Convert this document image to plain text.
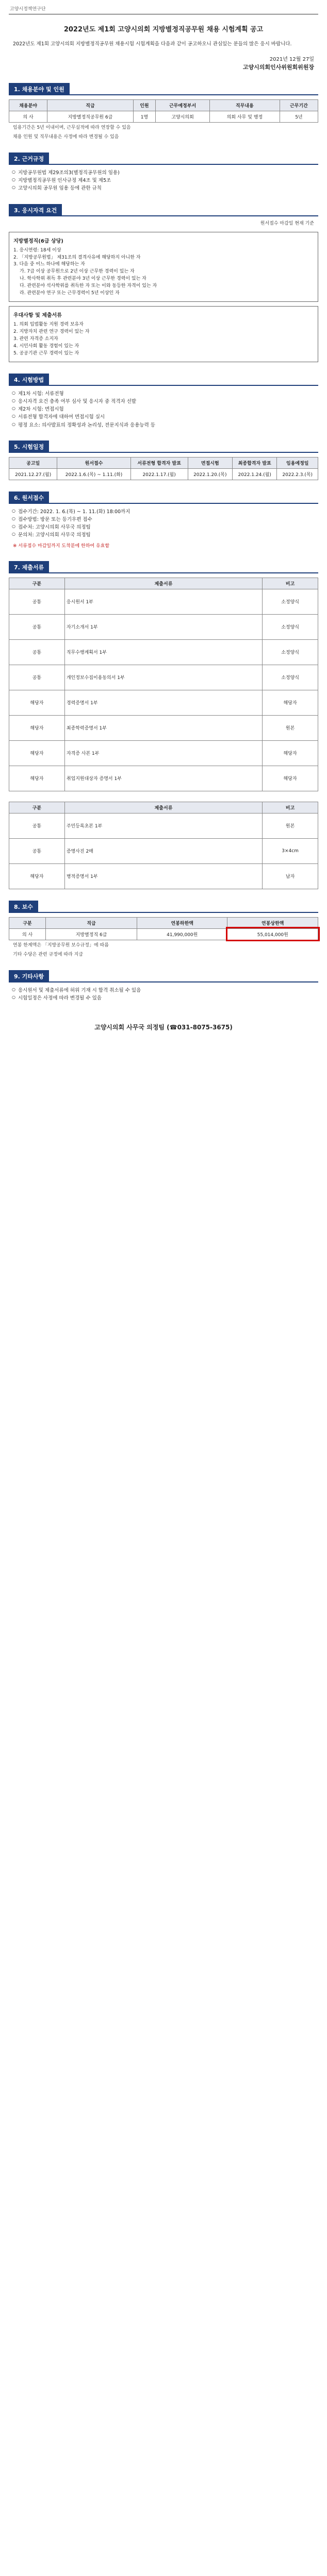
고양시정책연구단
2022년도 제1회 고양시의회 지방별정직공무원 채용 시험계획 공고

2022년도 제1회 고양시의회 지방별정직공무원 채용시험 시험계획을 다음과 같이 공고하오니 관심있는 분들의 많은 응시 바랍니다.

2021년 12월 27일
고양시의회인사위원회위원장
1. 채용분야 및 인원
채용분야	직급	인원	근무예정부서	직무내용	근무기간
의 사	지방별정직공무원 6급	1명	고양시의회	의회 사무 및 행정	5년
임용기간은 5년 이내이며, 근무실적에 따라 연장할 수 있음
채용 인원 및 직무내용은 사정에 따라 변경될 수 있음
2. 근거규정
○ 지방공무원법 제29조의3(별정직공무원의 임용)
○ 지방별정직공무원 인사규정 제4조 및 제5조
○ 고양시의회 공무원 임용 등에 관한 규칙
3. 응시자격 요건
원서접수 마감일 현재 기준
지방별정직(6급 상당)
1. 응시연령: 18세 이상
2. 「지방공무원법」 제31조의 결격사유에 해당하지 아니한 자
3. 다음 중 어느 하나에 해당하는 자
가. 7급 이상 공무원으로 2년 이상 근무한 경력이 있는 자
나. 학사학위 취득 후 관련분야 3년 이상 근무한 경력이 있는 자
다. 관련분야 석사학위를 취득한 자 또는 이와 동등한 자격이 있는 자
라. 관련분야 연구 또는 근무경력이 5년 이상인 자
우대사항 및 제출서류
1. 의회 입법활동 지원 경력 보유자
2. 지방자치 관련 연구 경력이 있는 자
3. 관련 자격증 소지자
4. 시민사회 활동 경험이 있는 자
5. 공공기관 근무 경력이 있는 자
4. 시험방법
○ 제1차 시험: 서류전형
○ 응시자격 요건 충족 여부 심사 및 응시자 중 적격자 선발
○ 제2차 시험: 면접시험
○ 서류전형 합격자에 대하여 면접시험 실시
○ 평정 요소: 의사발표의 정확성과 논리성, 전문지식과 응용능력 등
5. 시험일정
공고일	원서접수	서류전형 합격자 발표	면접시험	최종합격자 발표	임용예정일
2021.12.27.(월)	2022.1.6.(목) ~ 1.11.(화)	2022.1.17.(월)	2022.1.20.(목)	2022.1.24.(월)	2022.2.3.(목)
6. 원서접수
○ 접수기간: 2022. 1. 6.(목) ~ 1. 11.(화) 18:00까지
○ 접수방법: 방문 또는 등기우편 접수
○ 접수처: 고양시의회 사무국 의정팀
○ 문의처: 고양시의회 사무국 의정팀
※ 서류접수 마감일까지 도착분에 한하여 유효함
7. 제출서류
구분	제출서류	비고
공통	응시원서 1부	소정양식
공통	자기소개서 1부	소정양식
공통	직무수행계획서 1부	소정양식
공통	개인정보수집이용동의서 1부	소정양식
해당자	경력증명서 1부	해당자
해당자	최종학력증명서 1부	원본
해당자	자격증 사본 1부	해당자
해당자	취업지원대상자 증명서 1부	해당자
구분	제출서류	비고
공통	주민등록초본 1부	원본
공통	증명사진 2매	3×4cm
해당자	병적증명서 1부	남자
8. 보수
구분	직급	연봉하한액	연봉상한액
의 사	지방별정직 6급	41,990,000원	55,014,000원
연봉 한계액은 「지방공무원 보수규정」에 따름
기타 수당은 관련 규정에 따라 지급
9. 기타사항
○ 응시원서 및 제출서류에 허위 기재 시 합격 취소될 수 있음
○ 시험일정은 사정에 따라 변경될 수 있음
고양시의회 사무국 의정팀 (☎031-8075-3675)
